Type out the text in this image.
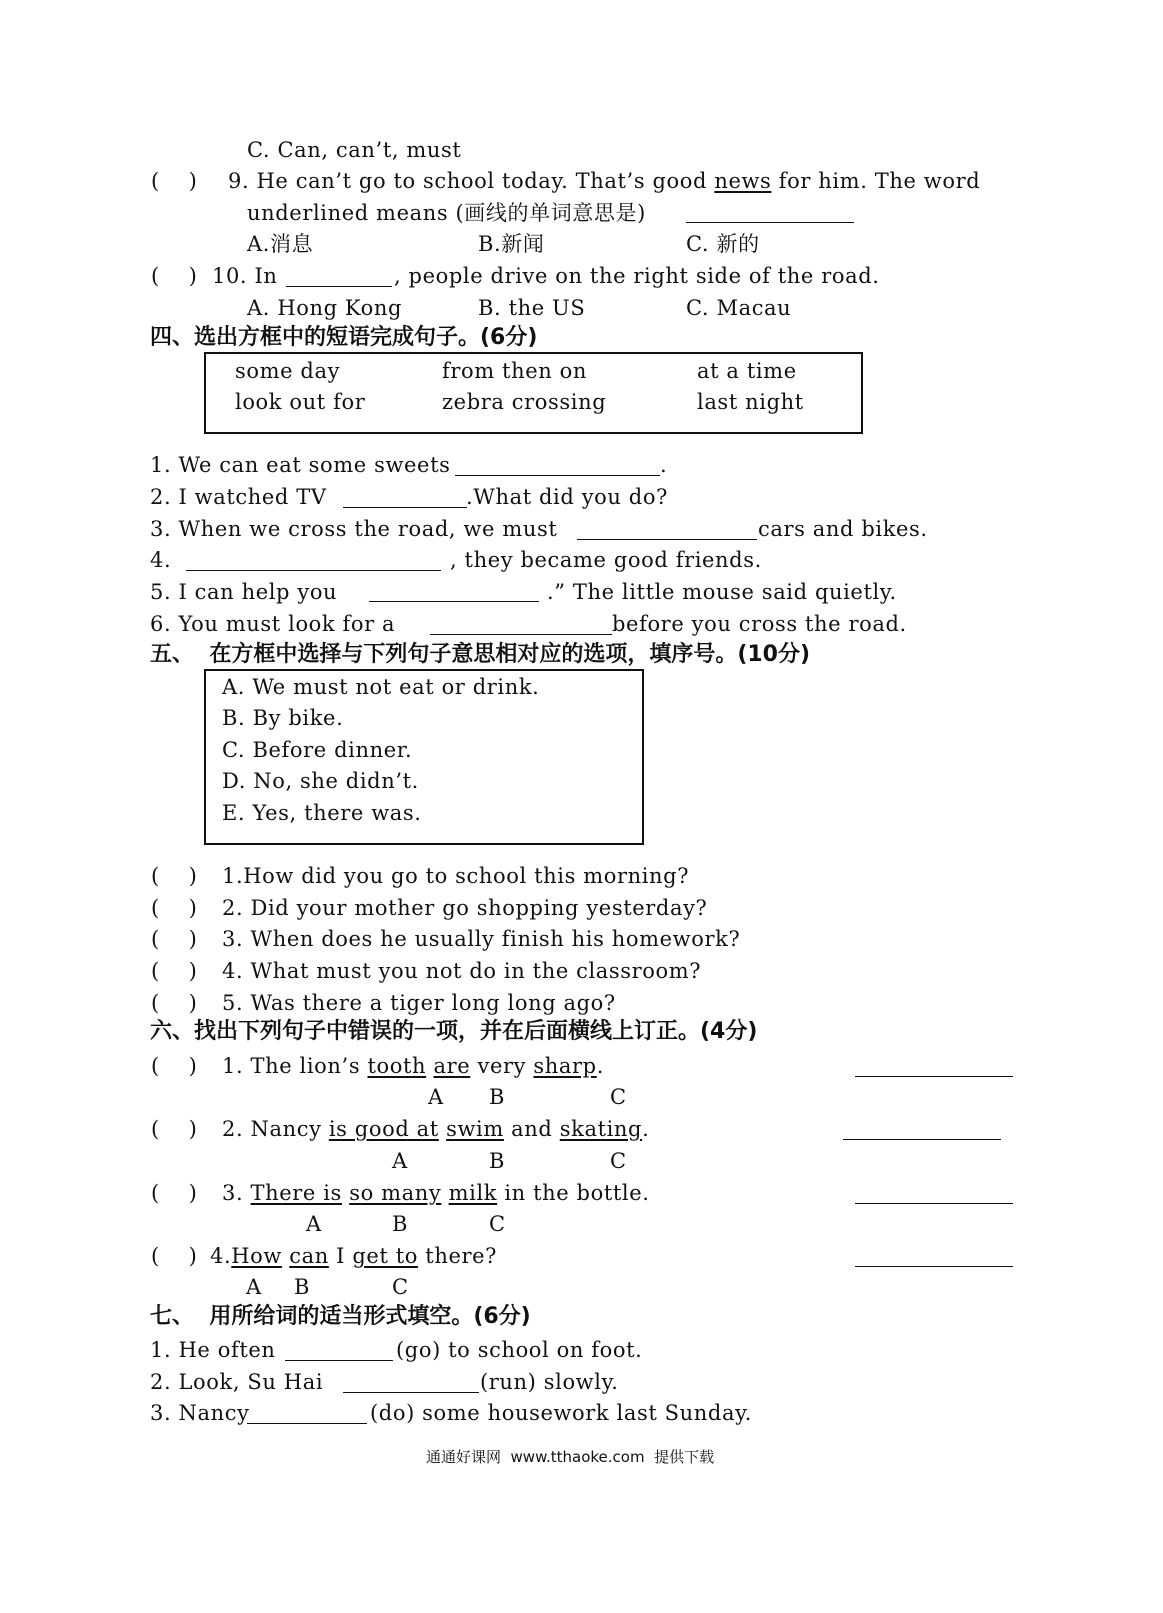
C. Can, can’t, must
(　 ) 9. He can’t go to school today. That’s good news for him. The word
underlined means (画线的单词意思是)
A.消息	B.新闻	C. 新的
(　 ) 10. In	, people drive on the right side of the road.
A. Hong Kong	B. the US	C. Macau
四、选出方框中的短语完成句子。(6分)
some day	from then on	at a time
look out for	zebra crossing	last night
1. We can eat some sweets	.
2. I watched TV	.What did you do?
3. When we cross the road, we must	cars and bikes.
4.	, they became good friends.
5. I can help you	.” The little mouse said quietly.
6. You must look for a	before you cross the road.
五、  在方框中选择与下列句子意思相对应的选项，填序号。(10分)
A. We must not eat or drink.
B. By bike.
C. Before dinner.
D. No, she didn’t.
E. Yes, there was.
(　 ) 1.How did you go to school this morning?
(　 ) 2. Did your mother go shopping yesterday?
(　 ) 3. When does he usually finish his homework?
(　 ) 4. What must you not do in the classroom?
(　 ) 5. Was there a tiger long long ago?
六、找出下列句子中错误的一项，并在后面横线上订正。(4分)
(　 ) 1. The lion’s tooth are very sharp.
A B	C
(　 ) 2. Nancy is good at swim and skating.
A	B	C
(　 ) 3. There is so many milk in the bottle.
A	B	C
(　 ) 4.How can I get to there?
A B	C
七、  用所给词的适当形式填空。(6分)
1. He often	(go) to school on foot.
2. Look, Su Hai	(run) slowly.
3. Nancy	(do) some housework last Sunday.
通通好课网  www.tthaoke.com  提供下载
